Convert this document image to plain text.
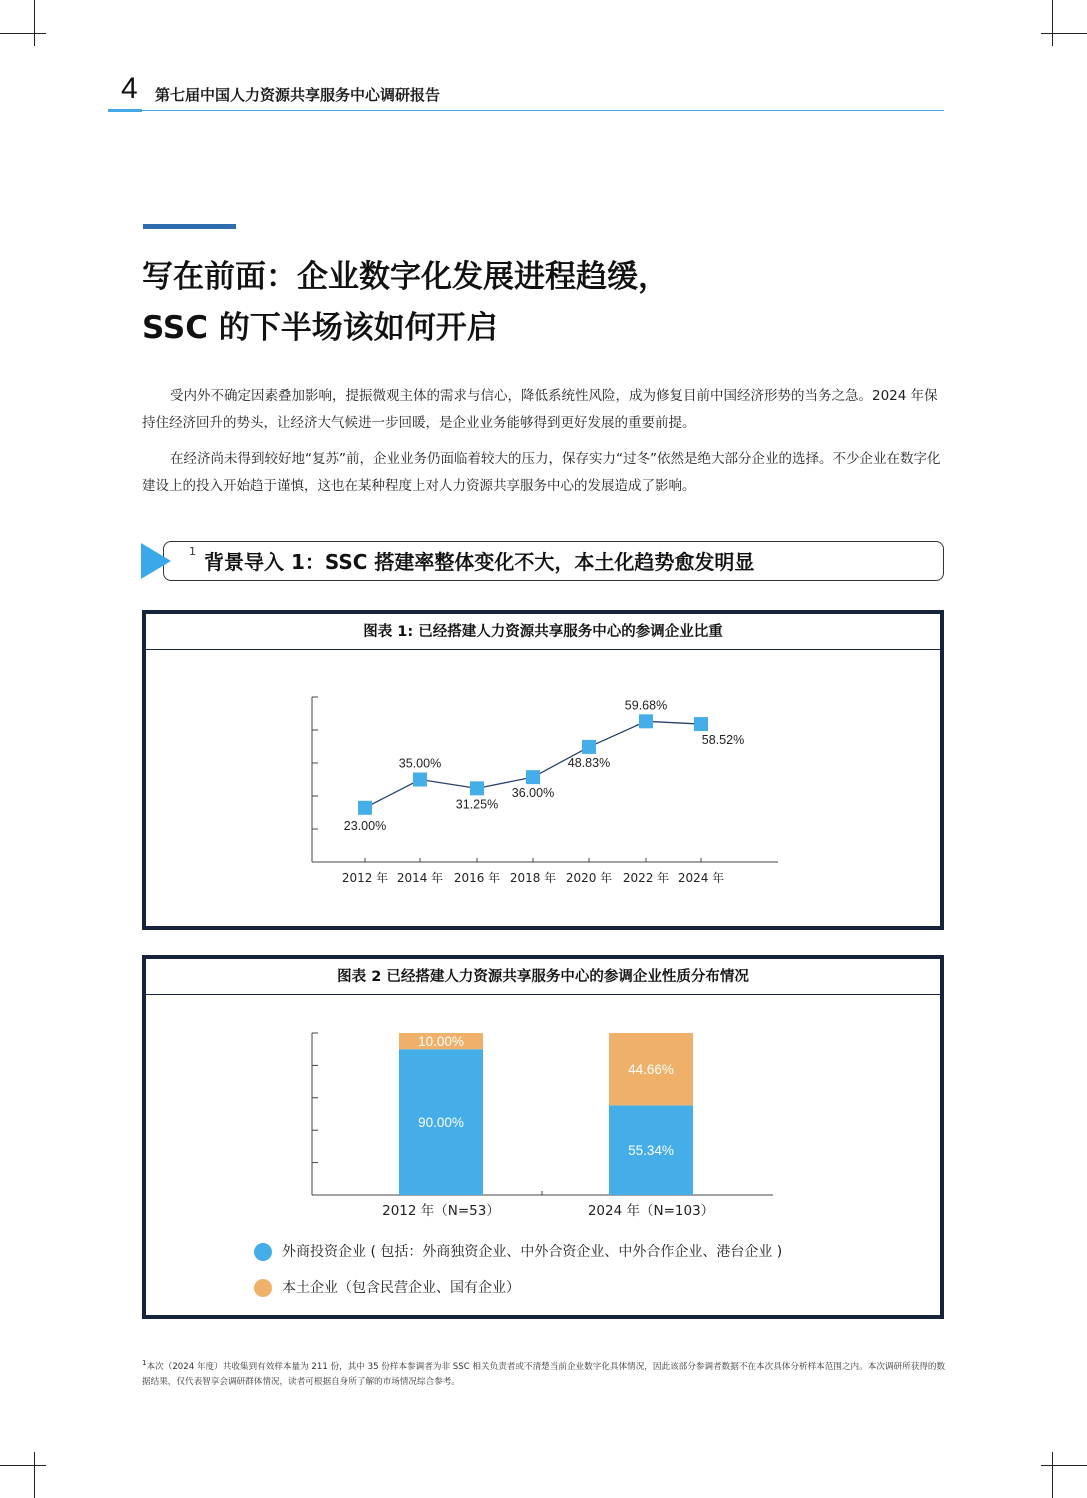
4 第七届中国人力资源共享服务中心调研报告
写在前面：企业数字化发展进程趋缓，
SSC 的下半场该如何开启

受内外不确定因素叠加影响，提振微观主体的需求与信心，降低系统性风险，成为修复目前中国经济形势的当务之急。2024 年保持住经济回升的势头，让经济大气候进一步回暖，是企业业务能够得到更好发展的重要前提。

在经济尚未得到较好地“复苏”前，企业业务仍面临着较大的压力，保存实力“过冬”依然是绝大部分企业的选择。不少企业在数字化建设上的投入开始趋于谨慎，这也在某种程度上对人力资源共享服务中心的发展造成了影响。

1 背景导入 1：SSC 搭建率整体变化不大，本土化趋势愈发明显
图表 1: 已经搭建人力资源共享服务中心的参调企业比重
23.00%
35.00%
31.25%
36.00%
48.83%
59.68%
58.52%
2012 年 2014 年 2016 年 2018 年 2020 年 2022 年 2024 年
图表 2 已经搭建人力资源共享服务中心的参调企业性质分布情况
90.00%
10.00%
2012 年（N=53）
55.34%
44.66%
2024 年（N=103）
外商投资企业 ( 包括：外商独资企业、中外合资企业、中外合作企业、港台企业 )
本土企业（包含民营企业、国有企业）
$^1$本次（2024 年度）共收集到有效样本量为 211 份，其中 35 份样本参调者为非 SSC 相关负责者或不清楚当前企业数字化具体情况，因此该部分参调者数据不在本次具体分析样本范围之内。本次调研所获得的数据结果，仅代表智享会调研群体情况，读者可根据自身所了解的市场情况综合参考。
